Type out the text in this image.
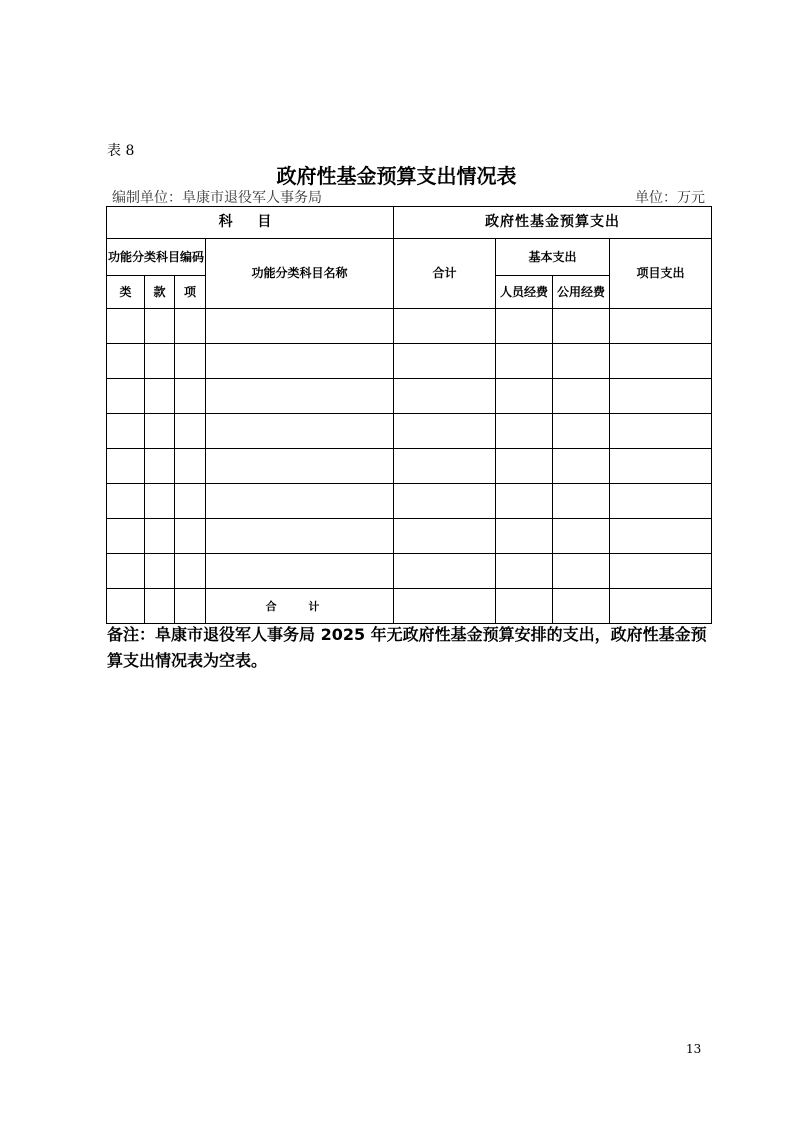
表 8
政府性基金预算支出情况表
编制单位：阜康市退役军人事务局	单位：万元
科 目				政府性基金预算支出			
功能分类科目编码			功能分类科目名称	合计	基本支出		项目支出
类	款	项			人员经费	公用经费	

			合 计				
备注：阜康市退役军人事务局 2025 年无政府性基金预算安排的支出，政府性基金预算支出情况表为空表。
13
